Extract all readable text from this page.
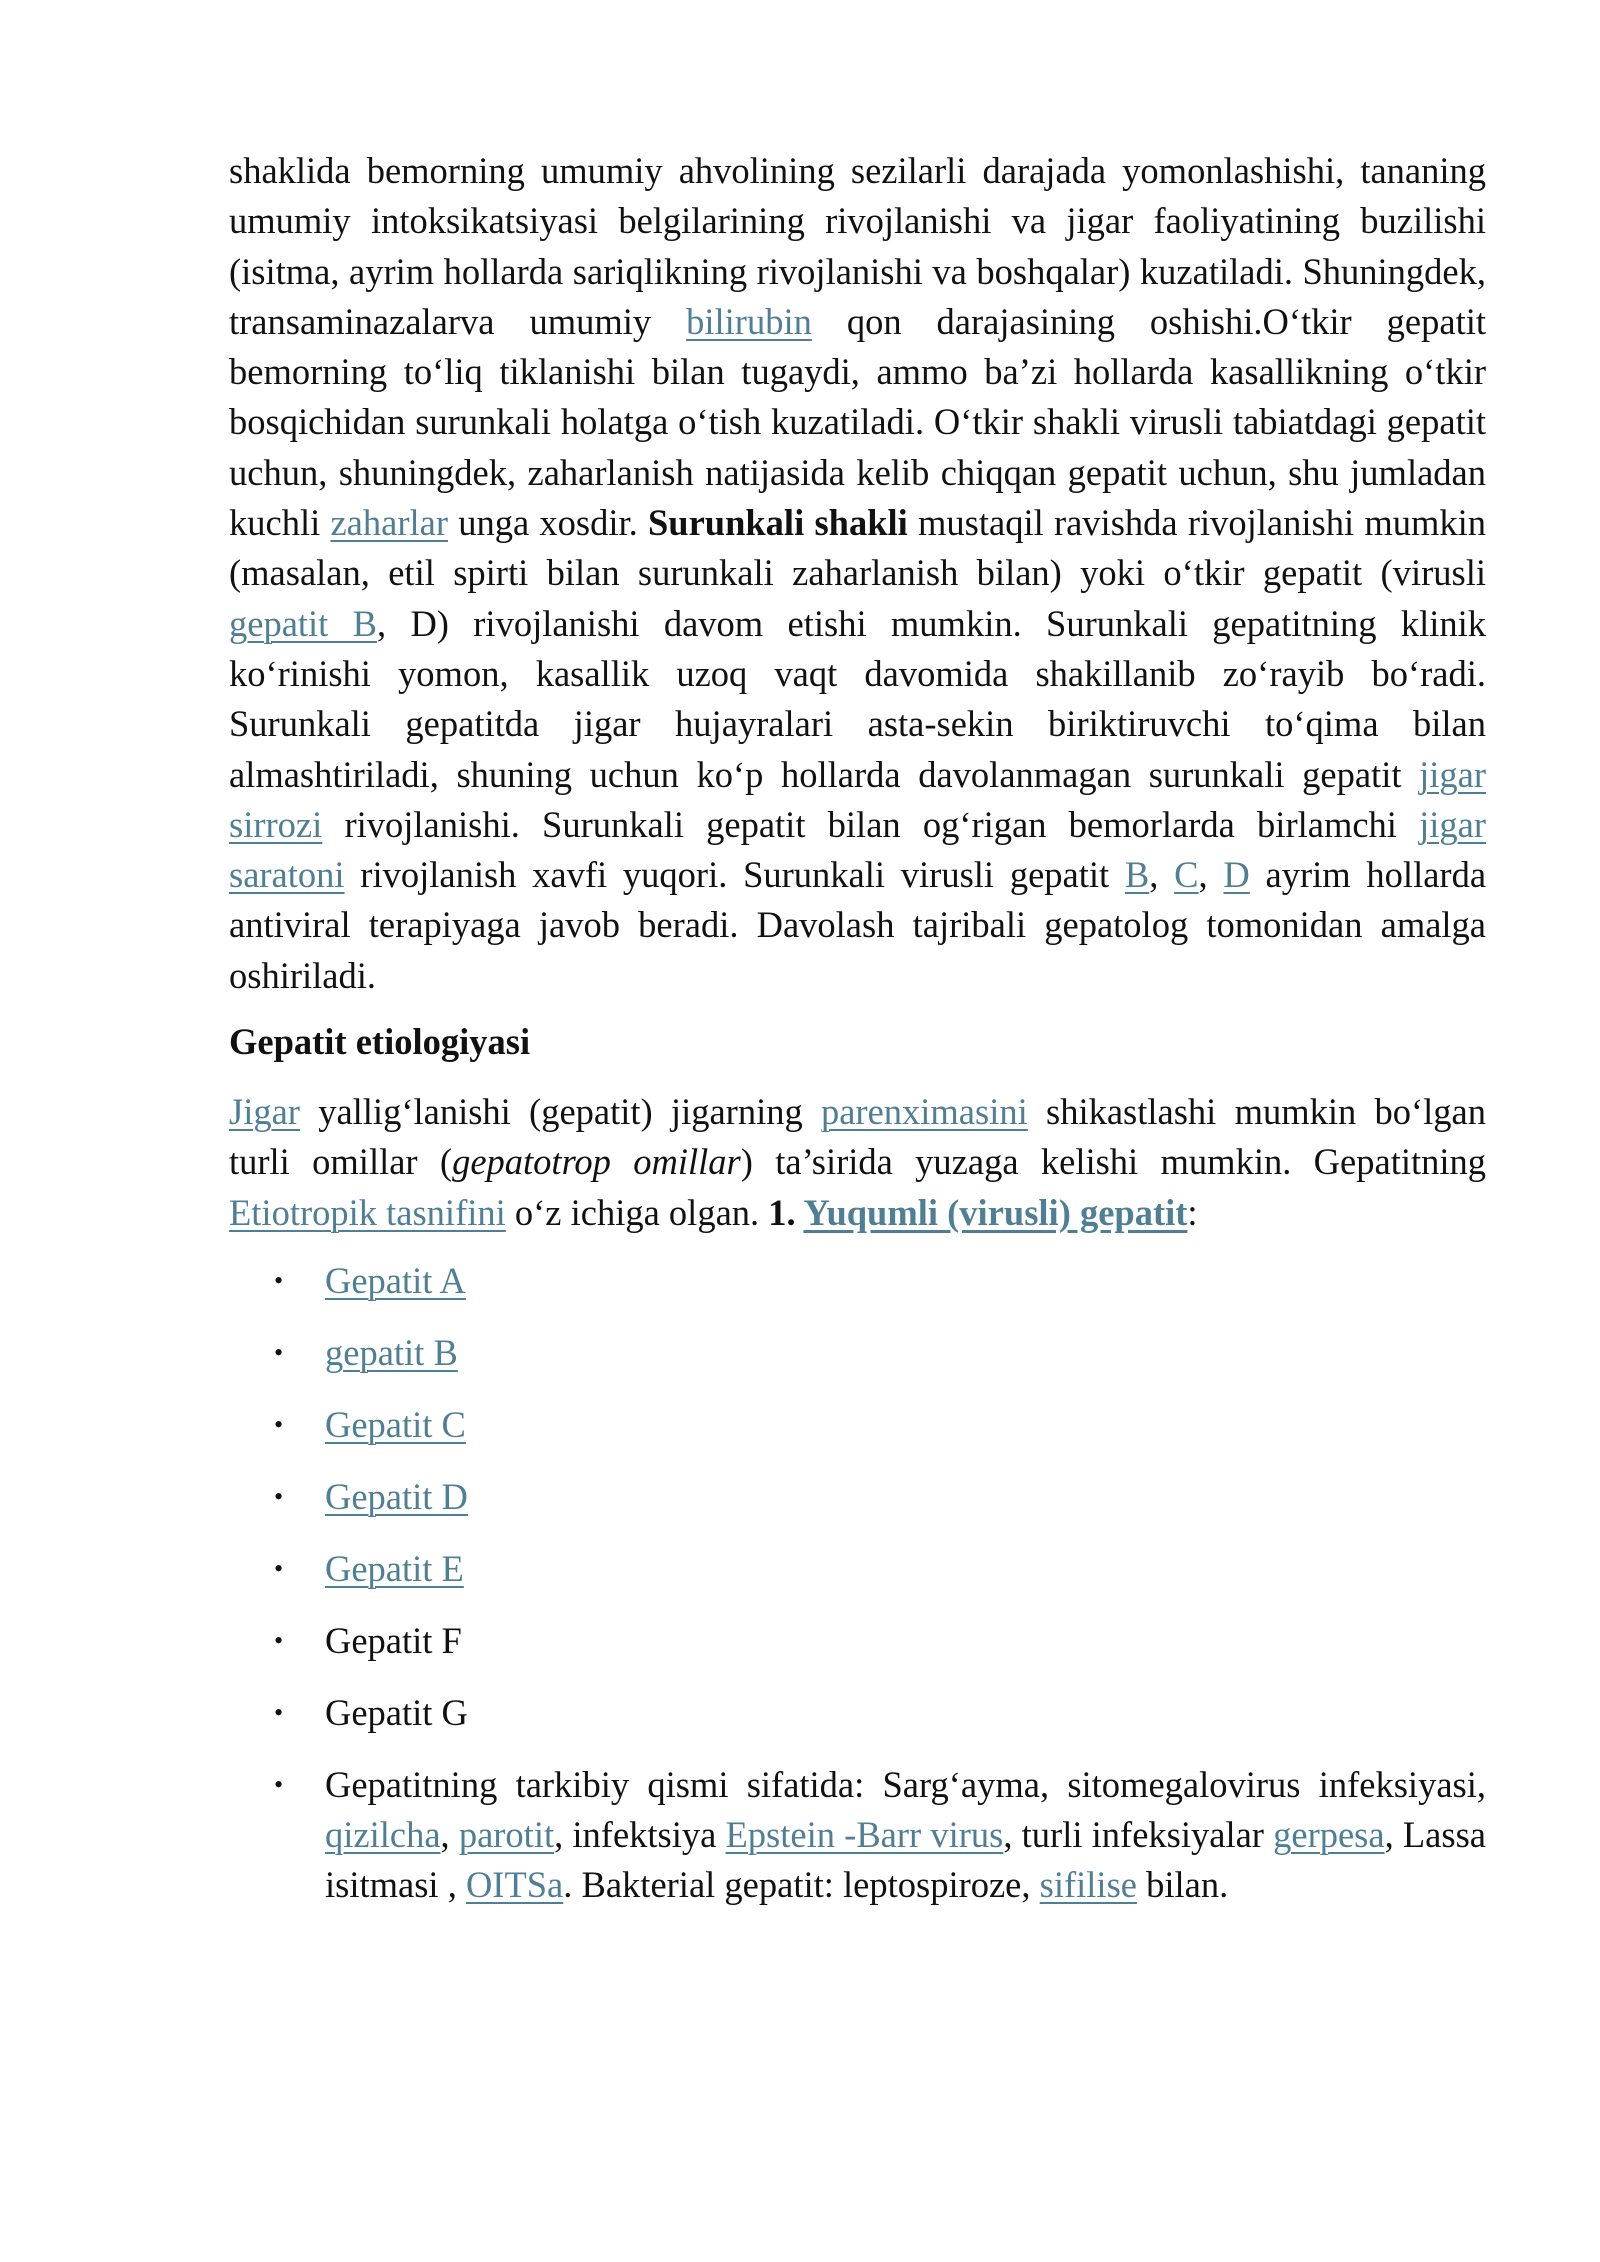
shaklida bemorning umumiy ahvolining sezilarli darajada yomonlashishi, tananing umumiy intoksikatsiyasi belgilarining rivojlanishi va jigar faoliyatining buzilishi (isitma, ayrim hollarda sariqlikning rivojlanishi va boshqalar) kuzatiladi. Shuningdek, transaminazalarva umumiy bilirubin qon darajasining oshishi.O‘tkir gepatit bemorning to‘liq tiklanishi bilan tugaydi, ammo ba’zi hollarda kasallikning o‘tkir bosqichidan surunkali holatga o‘tish kuzatiladi. O‘tkir shakli virusli tabiatdagi gepatit uchun, shuningdek, zaharlanish natijasida kelib chiqqan gepatit uchun, shu jumladan kuchli zaharlar unga xosdir. Surunkali shakli mustaqil ravishda rivojlanishi mumkin (masalan, etil spirti bilan surunkali zaharlanish bilan) yoki o‘tkir gepatit (virusli gepatit B, D) rivojlanishi davom etishi mumkin. Surunkali gepatitning klinik ko‘rinishi yomon, kasallik uzoq vaqt davomida shakillanib zo‘rayib bo‘radi. Surunkali gepatitda jigar hujayralari asta-sekin biriktiruvchi to‘qima bilan almashtiriladi, shuning uchun ko‘p hollarda davolanmagan surunkali gepatit jigar sirrozi rivojlanishi. Surunkali gepatit bilan og‘rigan bemorlarda birlamchi jigar saratoni rivojlanish xavfi yuqori. Surunkali virusli gepatit B, C, D ayrim hollarda antiviral terapiyaga javob beradi. Davolash tajribali gepatolog tomonidan amalga oshiriladi.

Gepatit etiologiyasi

Jigar yallig‘lanishi (gepatit) jigarning parenximasini shikastlashi mumkin bo‘lgan turli omillar (gepatotrop omillar) ta’sirida yuzaga kelishi mumkin. Gepatitning Etiotropik tasnifini o‘z ichiga olgan. 1. Yuqumli (virusli) gepatit:

• Gepatit A
• gepatit B
• Gepatit C
• Gepatit D
• Gepatit E
• Gepatit F
• Gepatit G
• Gepatitning tarkibiy qismi sifatida: Sarg‘ayma, sitomegalovirus infeksiyasi, qizilcha, parotit, infektsiya Epstein -Barr virus, turli infeksiyalar gerpesa, Lassa isitmasi , OITSa. Bakterial gepatit: leptospiroze, sifilise bilan.
